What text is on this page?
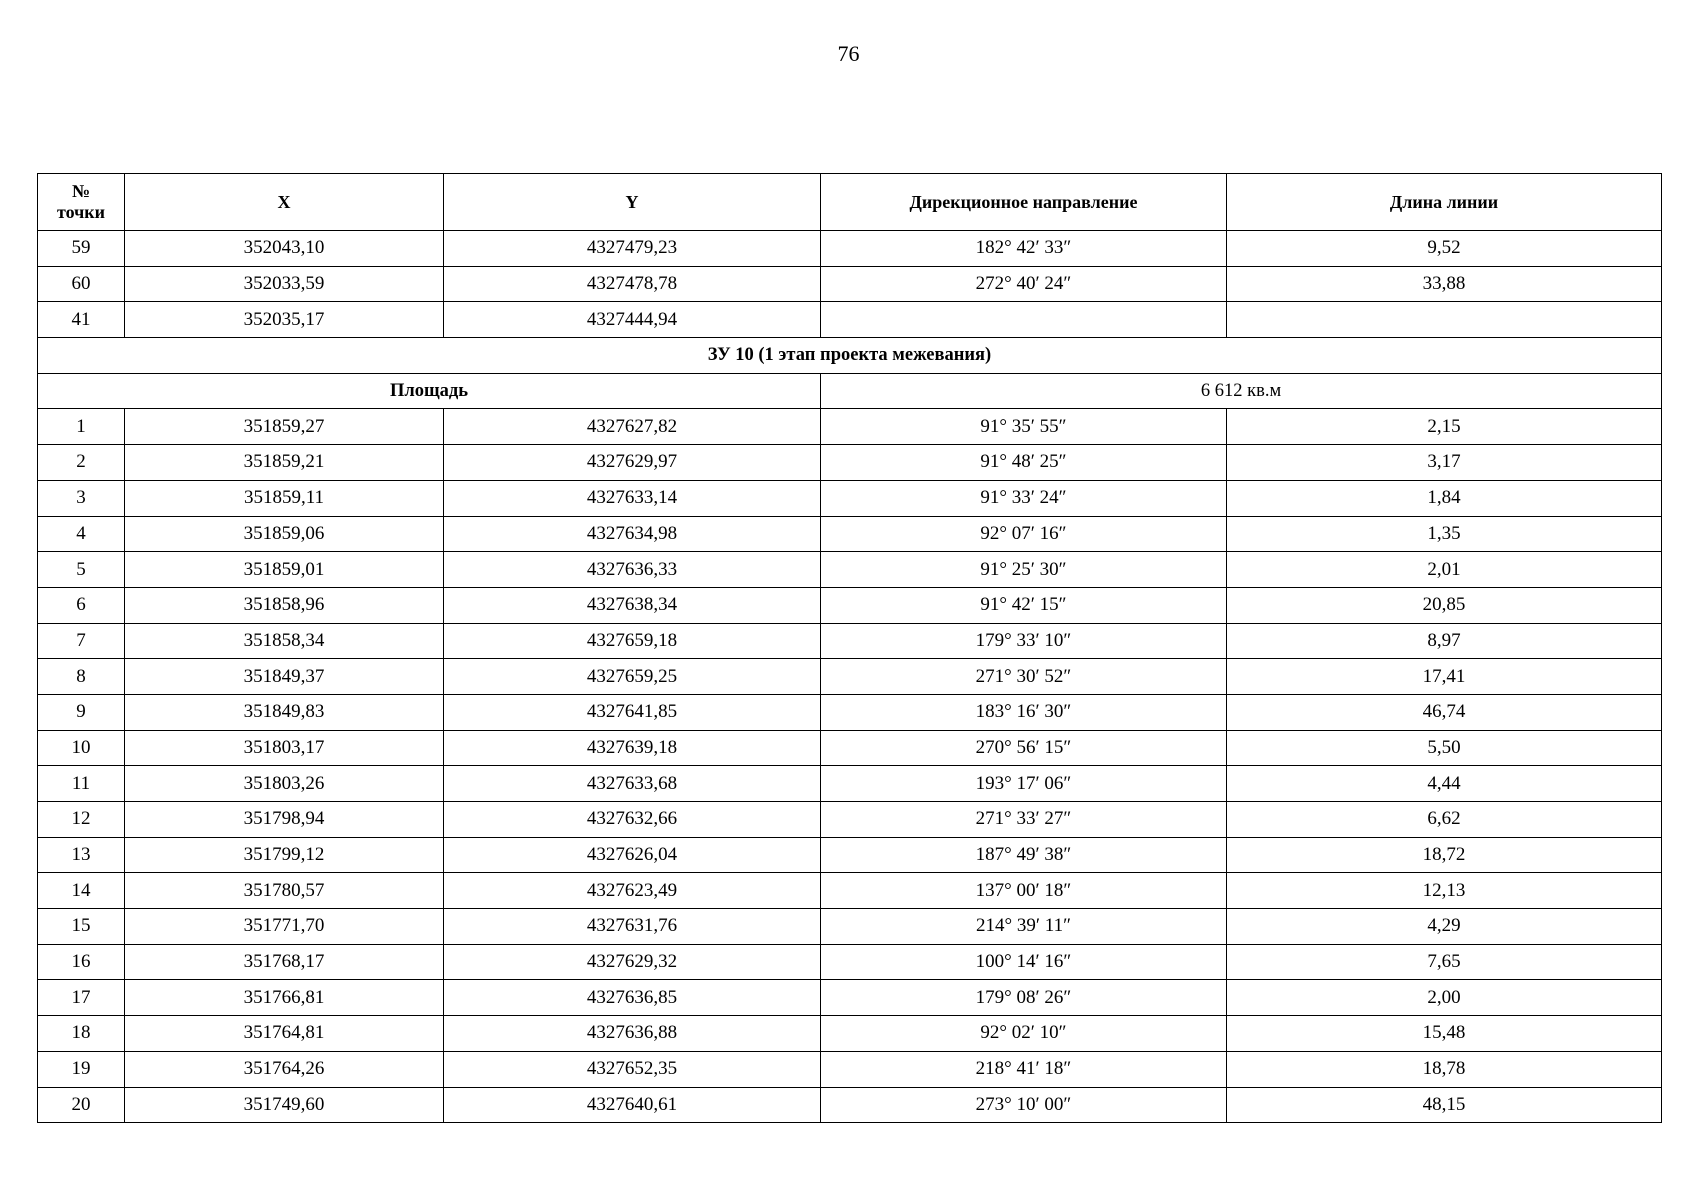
76
№
точки	X	Y	Дирекционное направление	Длина линии
59	352043,10	4327479,23	182° 42′ 33″	9,52
60	352033,59	4327478,78	272° 40′ 24″	33,88
41	352035,17	4327444,94		
ЗУ 10 (1 этап проекта межевания)				
Площадь			6 612 кв.м	
1	351859,27	4327627,82	91° 35′ 55″	2,15
2	351859,21	4327629,97	91° 48′ 25″	3,17
3	351859,11	4327633,14	91° 33′ 24″	1,84
4	351859,06	4327634,98	92° 07′ 16″	1,35
5	351859,01	4327636,33	91° 25′ 30″	2,01
6	351858,96	4327638,34	91° 42′ 15″	20,85
7	351858,34	4327659,18	179° 33′ 10″	8,97
8	351849,37	4327659,25	271° 30′ 52″	17,41
9	351849,83	4327641,85	183° 16′ 30″	46,74
10	351803,17	4327639,18	270° 56′ 15″	5,50
11	351803,26	4327633,68	193° 17′ 06″	4,44
12	351798,94	4327632,66	271° 33′ 27″	6,62
13	351799,12	4327626,04	187° 49′ 38″	18,72
14	351780,57	4327623,49	137° 00′ 18″	12,13
15	351771,70	4327631,76	214° 39′ 11″	4,29
16	351768,17	4327629,32	100° 14′ 16″	7,65
17	351766,81	4327636,85	179° 08′ 26″	2,00
18	351764,81	4327636,88	92° 02′ 10″	15,48
19	351764,26	4327652,35	218° 41′ 18″	18,78
20	351749,60	4327640,61	273° 10′ 00″	48,15
